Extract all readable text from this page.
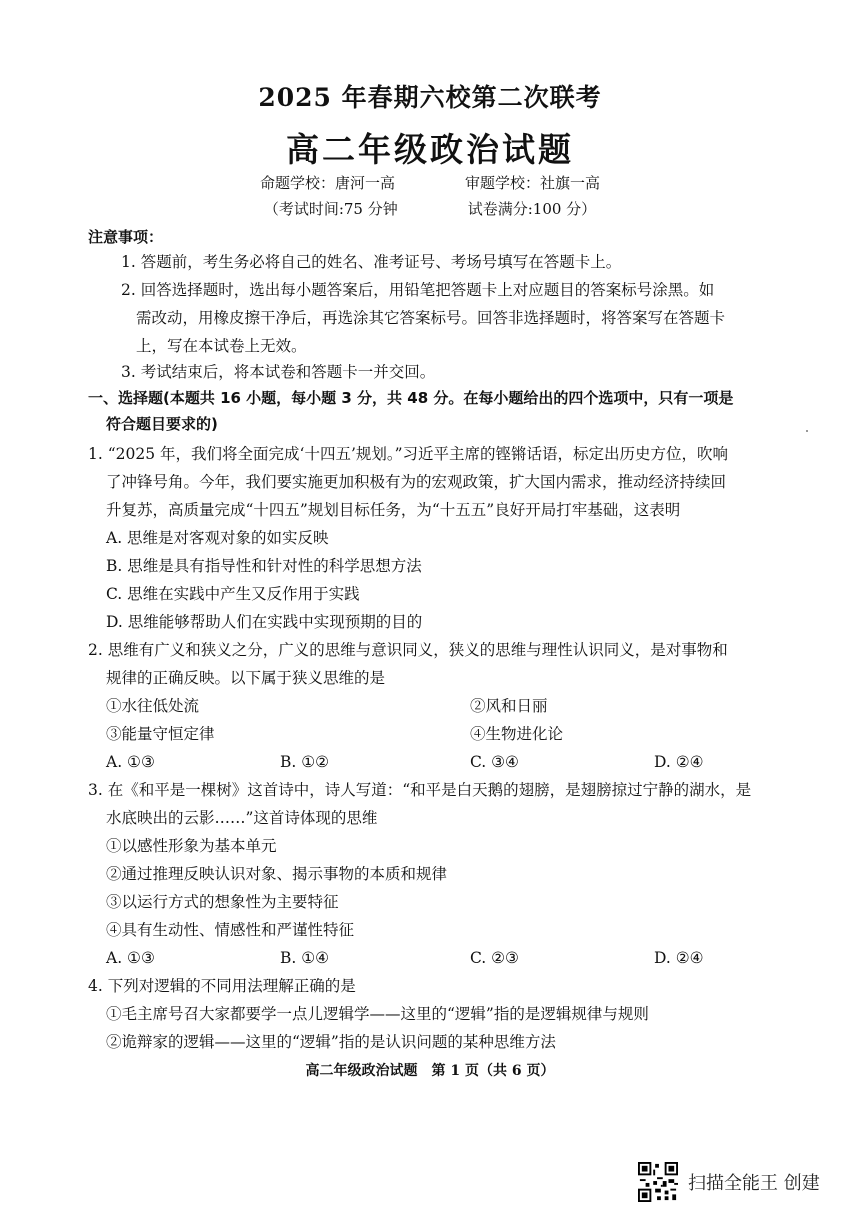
2025 年春期六校第二次联考
高二年级政治试题
命题学校：唐河一高	审题学校：社旗一高
（考试时间:75 分钟	试卷满分:100 分）
注意事项：
1. 答题前，考生务必将自己的姓名、准考证号、考场号填写在答题卡上。
2. 回答选择题时，选出每小题答案后，用铅笔把答题卡上对应题目的答案标号涂黑。如
需改动，用橡皮擦干净后，再选涂其它答案标号。回答非选择题时，将答案写在答题卡
上，写在本试卷上无效。
3. 考试结束后，将本试卷和答题卡一并交回。
一、选择题(本题共 16 小题，每小题 3 分，共 48 分。在每小题给出的四个选项中，只有一项是
符合题目要求的)
1. “2025 年，我们将全面完成‘十四五’规划。”习近平主席的铿锵话语，标定出历史方位，吹响
了冲锋号角。今年，我们要实施更加积极有为的宏观政策，扩大国内需求，推动经济持续回
升复苏，高质量完成“十四五”规划目标任务，为“十五五”良好开局打牢基础，这表明
A. 思维是对客观对象的如实反映
B. 思维是具有指导性和针对性的科学思想方法
C. 思维在实践中产生又反作用于实践
D. 思维能够帮助人们在实践中实现预期的目的
2. 思维有广义和狭义之分，广义的思维与意识同义，狭义的思维与理性认识同义，是对事物和
规律的正确反映。以下属于狭义思维的是
①水往低处流	②风和日丽
③能量守恒定律	④生物进化论
A. ①③	B. ①②	C. ③④	D. ②④
3. 在《和平是一棵树》这首诗中，诗人写道：“和平是白天鹅的翅膀，是翅膀掠过宁静的湖水，是
水底映出的云影……”这首诗体现的思维
①以感性形象为基本单元
②通过推理反映认识对象、揭示事物的本质和规律
③以运行方式的想象性为主要特征
④具有生动性、情感性和严谨性特征
A. ①③	B. ①④	C. ②③	D. ②④
4. 下列对逻辑的不同用法理解正确的是
①毛主席号召大家都要学一点儿逻辑学——这里的“逻辑”指的是逻辑规律与规则
②诡辩家的逻辑——这里的“逻辑”指的是认识问题的某种思维方法
高二年级政治试题　第 1 页（共 6 页）
扫描全能王 创建
